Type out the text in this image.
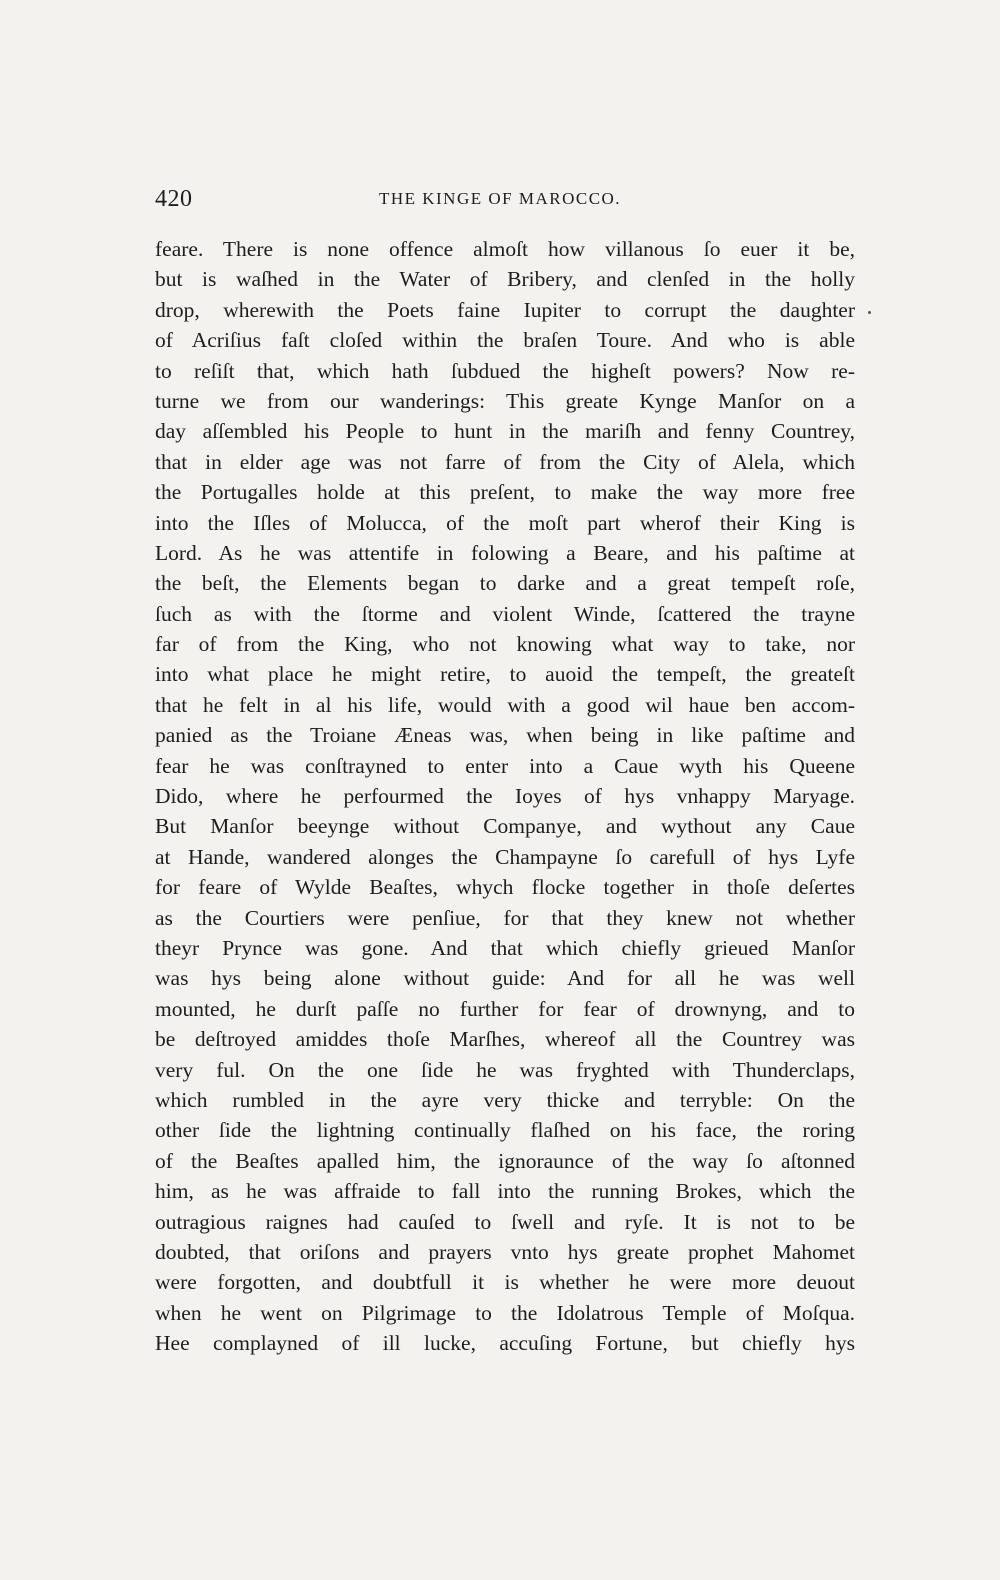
420	THE KINGE OF MAROCCO.
feare. There is none offence almoſt how villanous ſo euer it be,
but is waſhed in the Water of Bribery, and clenſed in the holly
drop, wherewith the Poets faine Iupiter to corrupt the daughter
of Acriſius faſt cloſed within the braſen Toure. And who is able
to reſiſt that, which hath ſubdued the higheſt powers? Now re-
turne we from our wanderings: This greate Kynge Manſor on a
day aſſembled his People to hunt in the mariſh and fenny Countrey,
that in elder age was not farre of from the City of Alela, which
the Portugalles holde at this preſent, to make the way more free
into the Iſles of Molucca, of the moſt part wherof their King is
Lord. As he was attentife in folowing a Beare, and his paſtime at
the beſt, the Elements began to darke and a great tempeſt roſe,
ſuch as with the ſtorme and violent Winde, ſcattered the trayne
far of from the King, who not knowing what way to take, nor
into what place he might retire, to auoid the tempeſt, the greateſt
that he felt in al his life, would with a good wil haue ben accom-
panied as the Troiane Æneas was, when being in like paſtime and
fear he was conſtrayned to enter into a Caue wyth his Queene
Dido, where he perfourmed the Ioyes of hys vnhappy Maryage.
But Manſor beeynge without Companye, and wythout any Caue
at Hande, wandered alonges the Champayne ſo carefull of hys Lyfe
for feare of Wylde Beaſtes, whych flocke together in thoſe deſertes
as the Courtiers were penſiue, for that they knew not whether
theyr Prynce was gone. And that which chiefly grieued Manſor
was hys being alone without guide: And for all he was well
mounted, he durſt paſſe no further for fear of drownyng, and to
be deſtroyed amiddes thoſe Marſhes, whereof all the Countrey was
very ful. On the one ſide he was fryghted with Thunderclaps,
which rumbled in the ayre very thicke and terryble: On the
other ſide the lightning continually flaſhed on his face, the roring
of the Beaſtes apalled him, the ignoraunce of the way ſo aſtonned
him, as he was affraide to fall into the running Brokes, which the
outragious raignes had cauſed to ſwell and ryſe. It is not to be
doubted, that oriſons and prayers vnto hys greate prophet Mahomet
were forgotten, and doubtfull it is whether he were more deuout
when he went on Pilgrimage to the Idolatrous Temple of Moſqua.
Hee complayned of ill lucke, accuſing Fortune, but chiefly hys
